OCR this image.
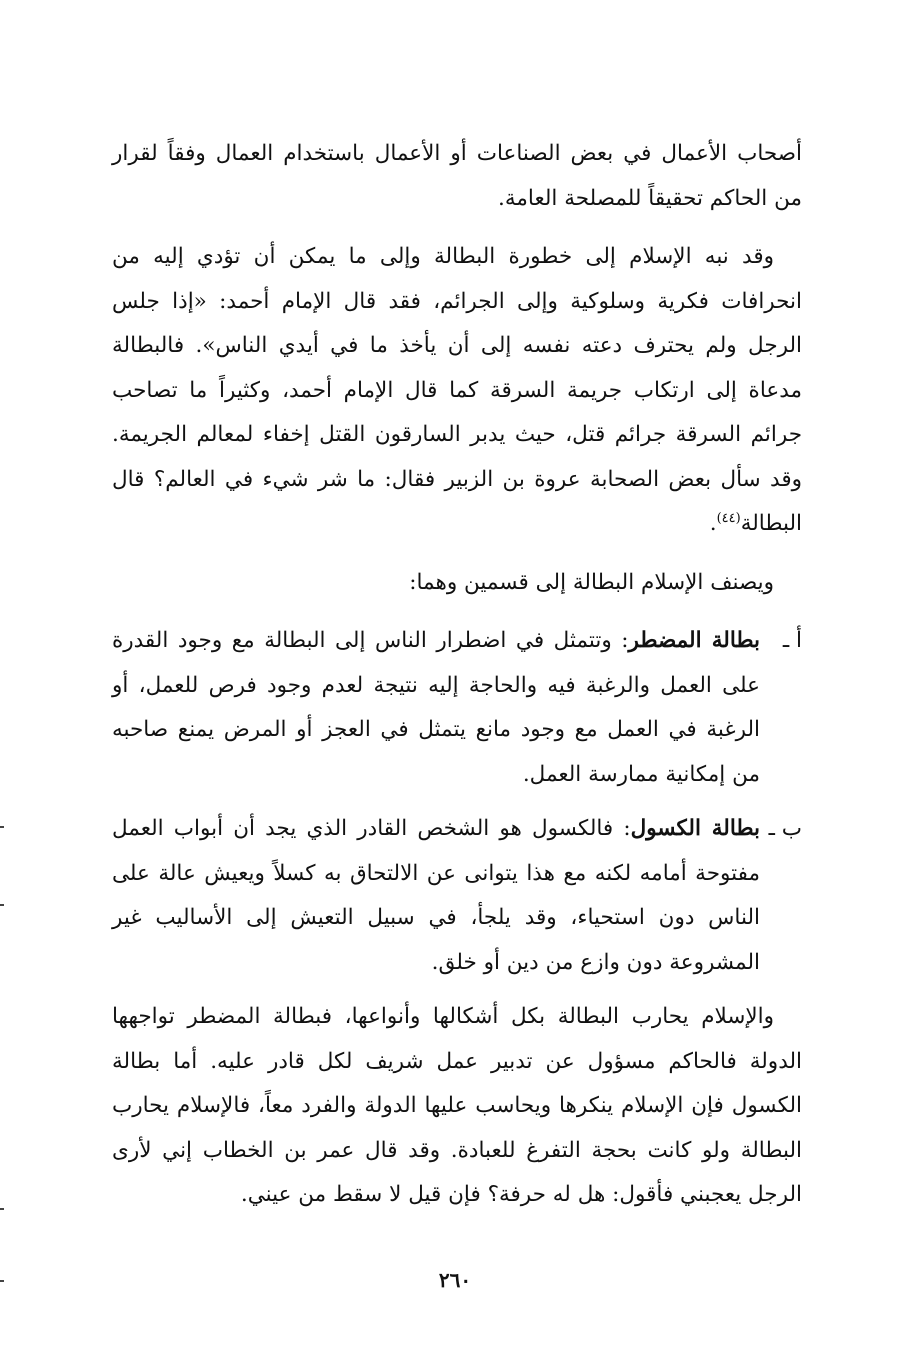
أصحاب الأعمال في بعض الصناعات أو الأعمال باستخدام العمال وفقاً لقرار من الحاكم تحقيقاً للمصلحة العامة.

وقد نبه الإسلام إلى خطورة البطالة وإلى ما يمكن أن تؤدي إليه من انحرافات فكرية وسلوكية وإلى الجرائم، فقد قال الإمام أحمد: «إذا جلس الرجل ولم يحترف دعته نفسه إلى أن يأخذ ما في أيدي الناس». فالبطالة مدعاة إلى ارتكاب جريمة السرقة كما قال الإمام أحمد، وكثيراً ما تصاحب جرائم السرقة جرائم قتل، حيث يدبر السارقون القتل إخفاء لمعالم الجريمة. وقد سأل بعض الصحابة عروة بن الزبير فقال: ما شر شيء في العالم؟ قال البطالة$^{(٤٤)}$.

ويصنف الإسلام البطالة إلى قسمين وهما:

أ ـ
بطالة المضطر: وتتمثل في اضطرار الناس إلى البطالة مع وجود القدرة على العمل والرغبة فيه والحاجة إليه نتيجة لعدم وجود فرص للعمل، أو الرغبة في العمل مع وجود مانع يتمثل في العجز أو المرض يمنع صاحبه من إمكانية ممارسة العمل.
ب ـ
بطالة الكسول: فالكسول هو الشخص القادر الذي يجد أن أبواب العمل مفتوحة أمامه لكنه مع هذا يتوانى عن الالتحاق به كسلاً ويعيش عالة على الناس دون استحياء، وقد يلجأ، في سبيل التعيش إلى الأساليب غير المشروعة دون وازع من دين أو خلق.

والإسلام يحارب البطالة بكل أشكالها وأنواعها، فبطالة المضطر تواجهها الدولة فالحاكم مسؤول عن تدبير عمل شريف لكل قادر عليه. أما بطالة الكسول فإن الإسلام ينكرها ويحاسب عليها الدولة والفرد معاً، فالإسلام يحارب البطالة ولو كانت بحجة التفرغ للعبادة. وقد قال عمر بن الخطاب إني لأرى الرجل يعجبني فأقول: هل له حرفة؟ فإن قيل لا سقط من عيني.

٢٦٠
